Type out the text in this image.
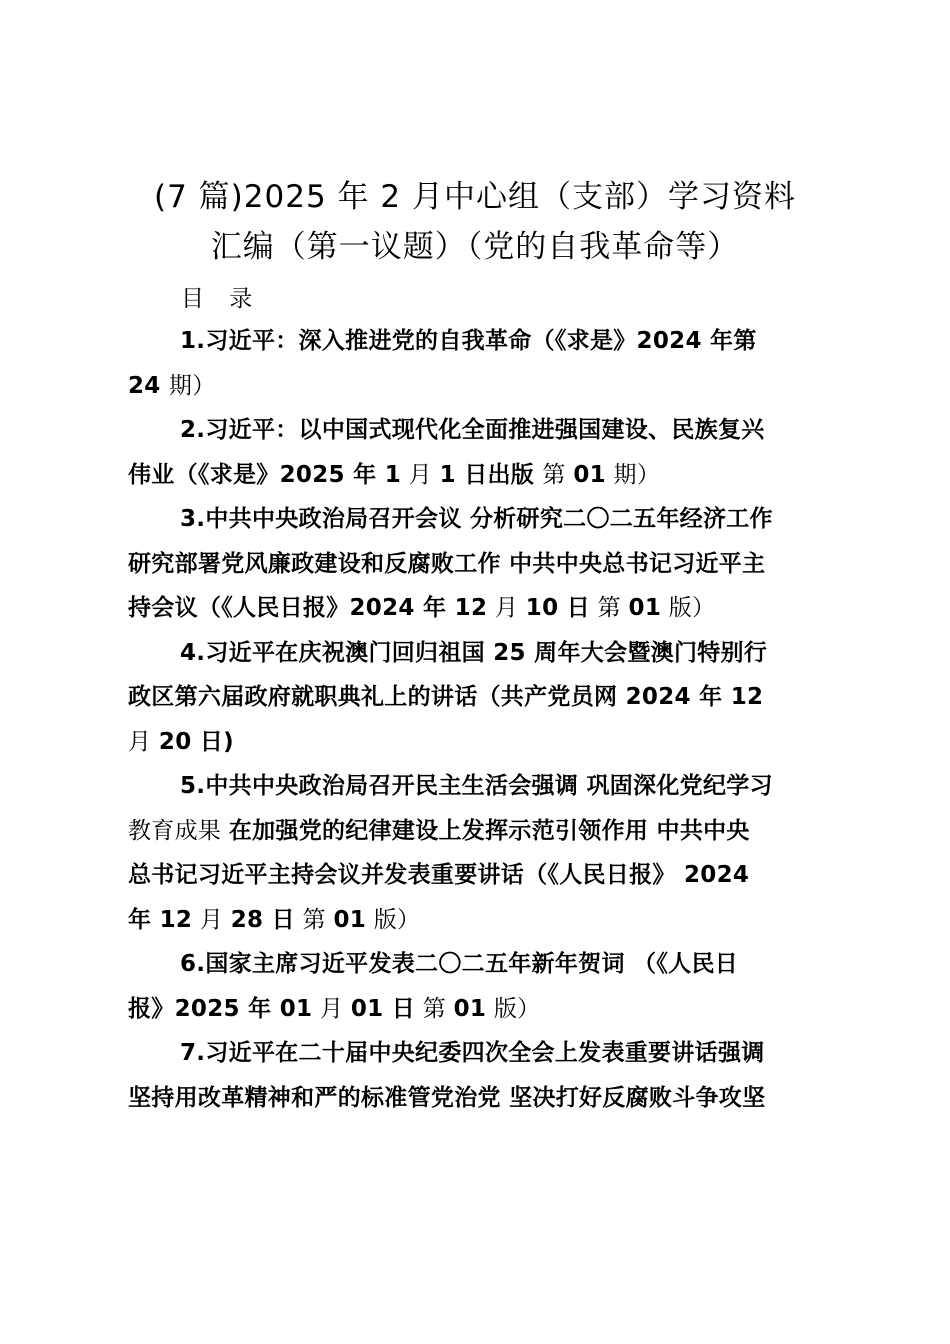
(7 篇)2025 年 2 月中心组（支部）学习资料
汇编（第一议题）（党的自我革命等）
目 录
1.习近平：深入推进党的自我革命（《求是》2024 年第
24 期）
2.习近平：以中国式现代化全面推进强国建设、民族复兴
伟业（《求是》2025 年 1 月 1 日出版 第 01 期）
3.中共中央政治局召开会议 分析研究二〇二五年经济工作
研究部署党风廉政建设和反腐败工作 中共中央总书记习近平主
持会议（《人民日报》2024 年 12 月 10 日 第 01 版）
4.习近平在庆祝澳门回归祖国 25 周年大会暨澳门特别行
政区第六届政府就职典礼上的讲话（共产党员网 2024 年 12
月 20 日)
5.中共中央政治局召开民主生活会强调 巩固深化党纪学习
教育成果 在加强党的纪律建设上发挥示范引领作用 中共中央
总书记习近平主持会议并发表重要讲话（《人民日报》 2024
年 12 月 28 日 第 01 版）
6.国家主席习近平发表二〇二五年新年贺词 （《人民日
报》2025 年 01 月 01 日 第 01 版）
7.习近平在二十届中央纪委四次全会上发表重要讲话强调
坚持用改革精神和严的标准管党治党 坚决打好反腐败斗争攻坚
